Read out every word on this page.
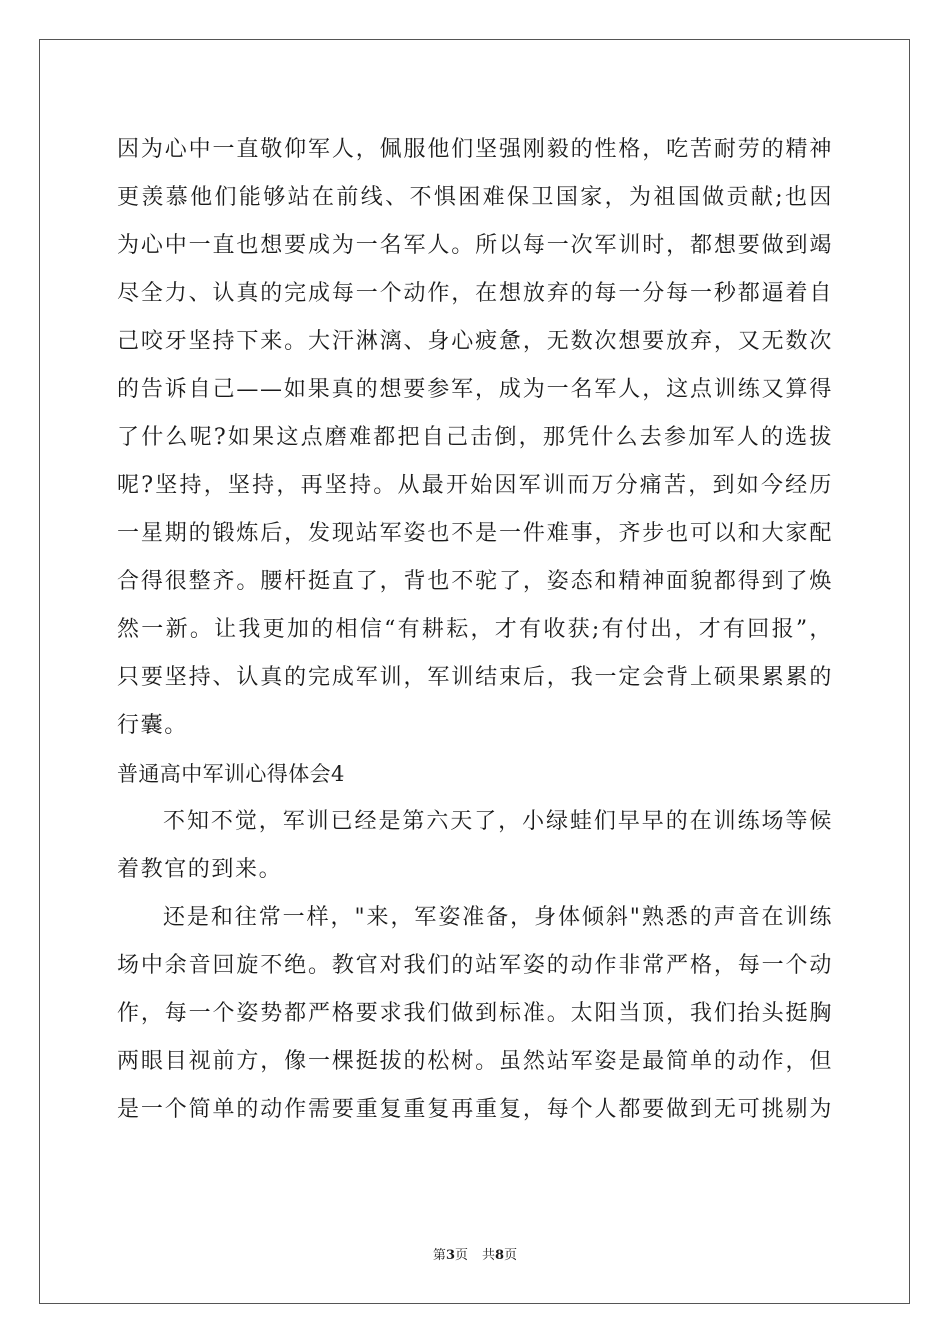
因为心中一直敬仰军人，佩服他们坚强刚毅的性格，吃苦耐劳的精神
更羡慕他们能够站在前线、不惧困难保卫国家，为祖国做贡献;也因
为心中一直也想要成为一名军人。所以每一次军训时，都想要做到竭
尽全力、认真的完成每一个动作，在想放弃的每一分每一秒都逼着自
己咬牙坚持下来。大汗淋漓、身心疲惫，无数次想要放弃，又无数次
的告诉自己——如果真的想要参军，成为一名军人，这点训练又算得
了什么呢?如果这点磨难都把自己击倒，那凭什么去参加军人的选拔
呢?坚持，坚持，再坚持。从最开始因军训而万分痛苦，到如今经历
一星期的锻炼后，发现站军姿也不是一件难事，齐步也可以和大家配
合得很整齐。腰杆挺直了，背也不驼了，姿态和精神面貌都得到了焕
然一新。让我更加的相信“有耕耘，才有收获;有付出，才有回报”，
只要坚持、认真的完成军训，军训结束后，我一定会背上硕果累累的
行囊。
普通高中军训心得体会4
不知不觉，军训已经是第六天了，小绿蛙们早早的在训练场等候
着教官的到来。
还是和往常一样，"来，军姿准备，身体倾斜"熟悉的声音在训练
场中余音回旋不绝。教官对我们的站军姿的动作非常严格，每一个动
作，每一个姿势都严格要求我们做到标准。太阳当顶，我们抬头挺胸
两眼目视前方，像一棵挺拔的松树。虽然站军姿是最简单的动作，但
是一个简单的动作需要重复重复再重复，每个人都要做到无可挑剔为
第3页 共8页
